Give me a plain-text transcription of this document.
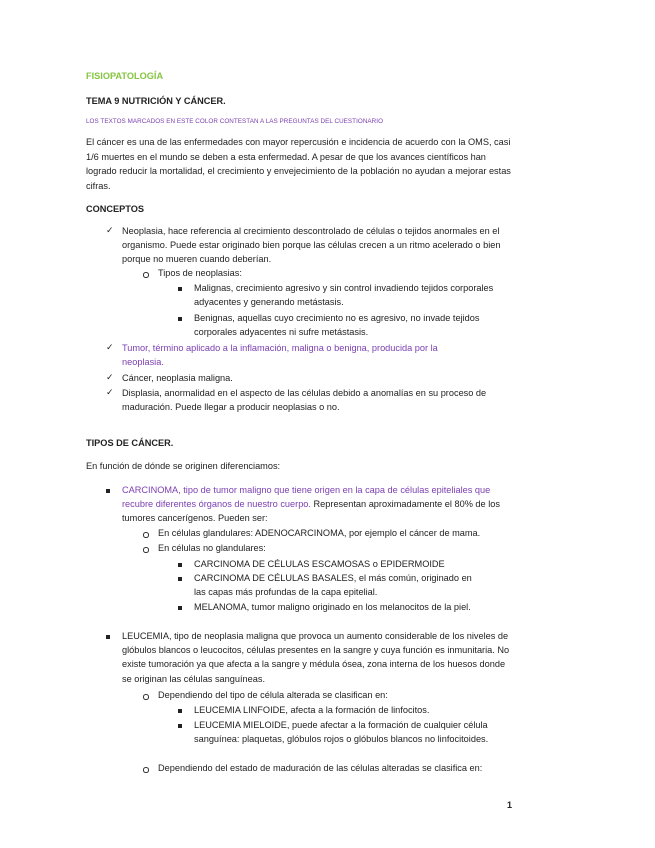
FISIOPATOLOGÍA

TEMA 9 NUTRICIÓN Y CÁNCER.

LOS TEXTOS MARCADOS EN ESTE COLOR CONTESTAN A LAS PREGUNTAS DEL CUESTIONARIO

El cáncer es una de las enfermedades con mayor repercusión e incidencia de acuerdo con la OMS, casi 1/6 muertes en el mundo se deben a esta enfermedad. A pesar de que los avances científicos han logrado reducir la mortalidad, el crecimiento y envejecimiento de la población no ayudan a mejorar estas cifras.

CONCEPTOS

✓ Neoplasia, hace referencia al crecimiento descontrolado de células o tejidos anormales en el organismo. Puede estar originado bien porque las células crecen a un ritmo acelerado o bien porque no mueren cuando deberían.

Tipos de neoplasias:

Malignas, crecimiento agresivo y sin control invadiendo tejidos corporales adyacentes y generando metástasis.

Benignas, aquellas cuyo crecimiento no es agresivo, no invade tejidos corporales adyacentes ni sufre metástasis.

✓ Tumor, término aplicado a la inflamación, maligna o benigna, producida por la neoplasia.

✓ Cáncer, neoplasia maligna.

✓ Displasia, anormalidad en el aspecto de las células debido a anomalías en su proceso de maduración. Puede llegar a producir neoplasias o no.

TIPOS DE CÁNCER.

En función de dónde se originen diferenciamos:

CARCINOMA, tipo de tumor maligno que tiene origen en la capa de células epiteliales que recubre diferentes órganos de nuestro cuerpo. Representan aproximadamente el 80% de los tumores cancerígenos. Pueden ser:

En células glandulares: ADENOCARCINOMA, por ejemplo el cáncer de mama.

En células no glandulares:

CARCINOMA DE CÉLULAS ESCAMOSAS o EPIDERMOIDE

CARCINOMA DE CÉLULAS BASALES, el más común, originado en las capas más profundas de la capa epitelial.

MELANOMA, tumor maligno originado en los melanocitos de la piel.

LEUCEMIA, tipo de neoplasia maligna que provoca un aumento considerable de los niveles de glóbulos blancos o leucocitos, células presentes en la sangre y cuya función es inmunitaria. No existe tumoración ya que afecta a la sangre y médula ósea, zona interna de los huesos donde se originan las células sanguíneas.

Dependiendo del tipo de célula alterada se clasifican en:

LEUCEMIA LINFOIDE, afecta a la formación de linfocitos.

LEUCEMIA MIELOIDE, puede afectar a la formación de cualquier célula sanguínea: plaquetas, glóbulos rojos o glóbulos blancos no linfocitoides.

Dependiendo del estado de maduración de las células alteradas se clasifica en:

1
